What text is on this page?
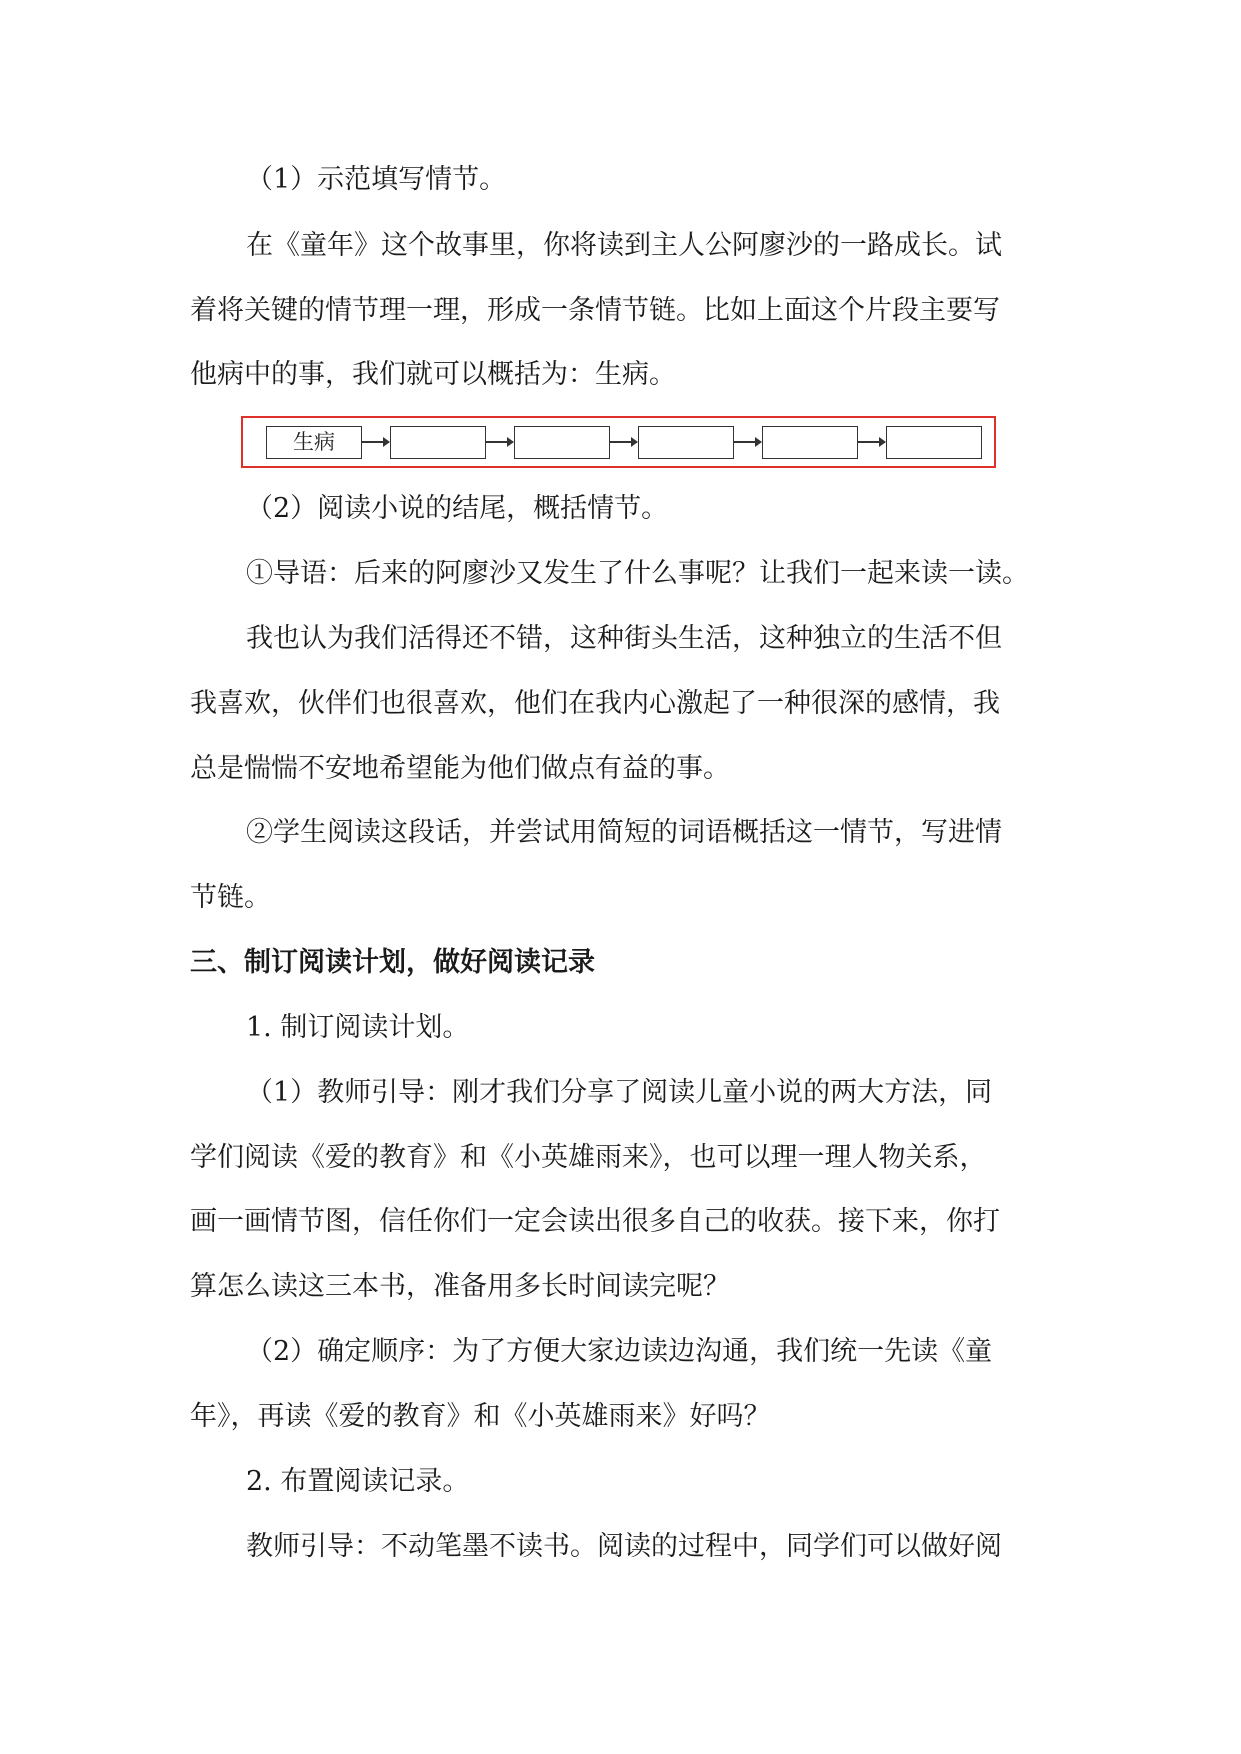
（1）示范填写情节。
在《童年》这个故事里，你将读到主人公阿廖沙的一路成长。试
着将关键的情节理一理，形成一条情节链。比如上面这个片段主要写
他病中的事，我们就可以概括为：生病。
生病
（2）阅读小说的结尾，概括情节。
①导语：后来的阿廖沙又发生了什么事呢？让我们一起来读一读。
我也认为我们活得还不错，这种街头生活，这种独立的生活不但
我喜欢，伙伴们也很喜欢，他们在我内心激起了一种很深的感情，我
总是惴惴不安地希望能为他们做点有益的事。
②学生阅读这段话，并尝试用简短的词语概括这一情节，写进情
节链。
三、制订阅读计划，做好阅读记录
1. 制订阅读计划。
（1）教师引导：刚才我们分享了阅读儿童小说的两大方法，同
学们阅读《爱的教育》和《小英雄雨来》，也可以理一理人物关系，
画一画情节图，信任你们一定会读出很多自己的收获。接下来，你打
算怎么读这三本书，准备用多长时间读完呢？
（2）确定顺序：为了方便大家边读边沟通，我们统一先读《童
年》，再读《爱的教育》和《小英雄雨来》好吗？
2. 布置阅读记录。
教师引导：不动笔墨不读书。阅读的过程中，同学们可以做好阅
